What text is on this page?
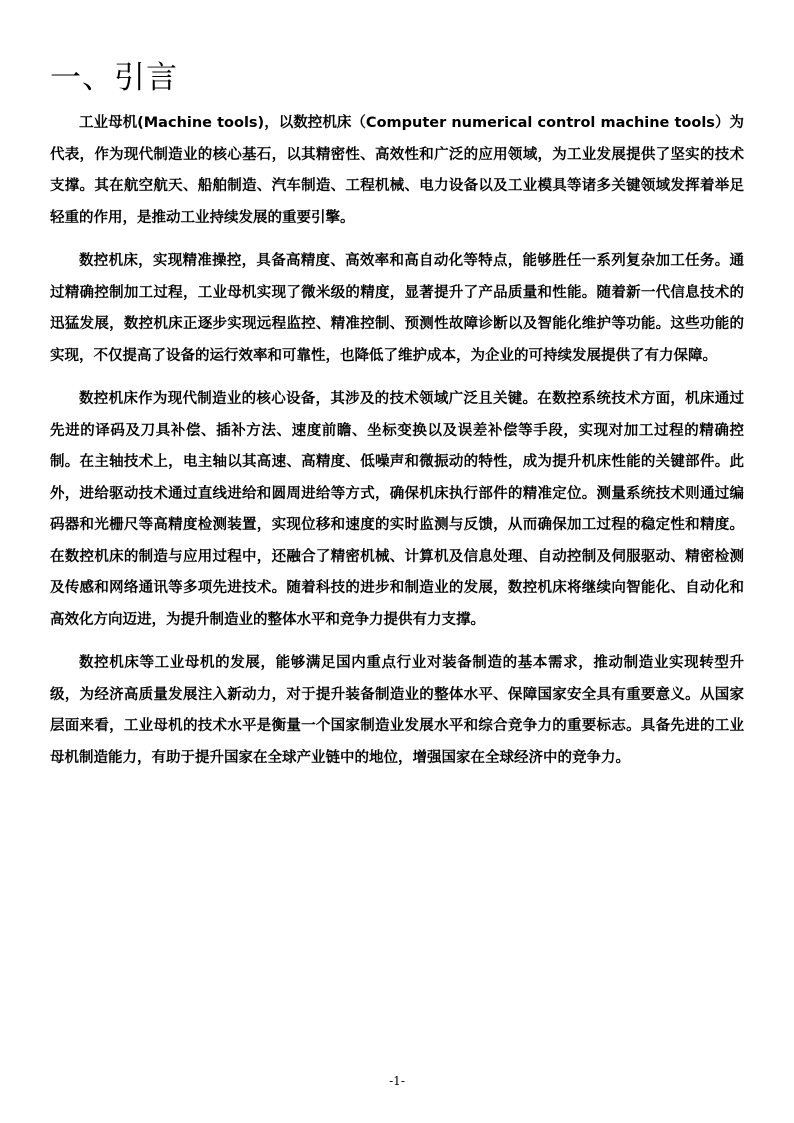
一、引言

工业母机(Machine tools)，以数控机床（Computer numerical control machine tools）为代表，作为现代制造业的核心基石，以其精密性、高效性和广泛的应用领域，为工业发展提供了坚实的技术支撑。其在航空航天、船舶制造、汽车制造、工程机械、电力设备以及工业模具等诸多关键领域发挥着举足轻重的作用，是推动工业持续发展的重要引擎。

数控机床，实现精准操控，具备高精度、高效率和高自动化等特点，能够胜任一系列复杂加工任务。通过精确控制加工过程，工业母机实现了微米级的精度，显著提升了产品质量和性能。随着新一代信息技术的迅猛发展，数控机床正逐步实现远程监控、精准控制、预测性故障诊断以及智能化维护等功能。这些功能的实现，不仅提高了设备的运行效率和可靠性，也降低了维护成本，为企业的可持续发展提供了有力保障。

数控机床作为现代制造业的核心设备，其涉及的技术领域广泛且关键。在数控系统技术方面，机床通过先进的译码及刀具补偿、插补方法、速度前瞻、坐标变换以及误差补偿等手段，实现对加工过程的精确控制。在主轴技术上，电主轴以其高速、高精度、低噪声和微振动的特性，成为提升机床性能的关键部件。此外，进给驱动技术通过直线进给和圆周进给等方式，确保机床执行部件的精准定位。测量系统技术则通过编码器和光栅尺等高精度检测装置，实现位移和速度的实时监测与反馈，从而确保加工过程的稳定性和精度。在数控机床的制造与应用过程中，还融合了精密机械、计算机及信息处理、自动控制及伺服驱动、精密检测及传感和网络通讯等多项先进技术。随着科技的进步和制造业的发展，数控机床将继续向智能化、自动化和高效化方向迈进，为提升制造业的整体水平和竞争力提供有力支撑。

数控机床等工业母机的发展，能够满足国内重点行业对装备制造的基本需求，推动制造业实现转型升级，为经济高质量发展注入新动力，对于提升装备制造业的整体水平、保障国家安全具有重要意义。从国家层面来看，工业母机的技术水平是衡量一个国家制造业发展水平和综合竞争力的重要标志。具备先进的工业母机制造能力，有助于提升国家在全球产业链中的地位，增强国家在全球经济中的竞争力。

-1-
